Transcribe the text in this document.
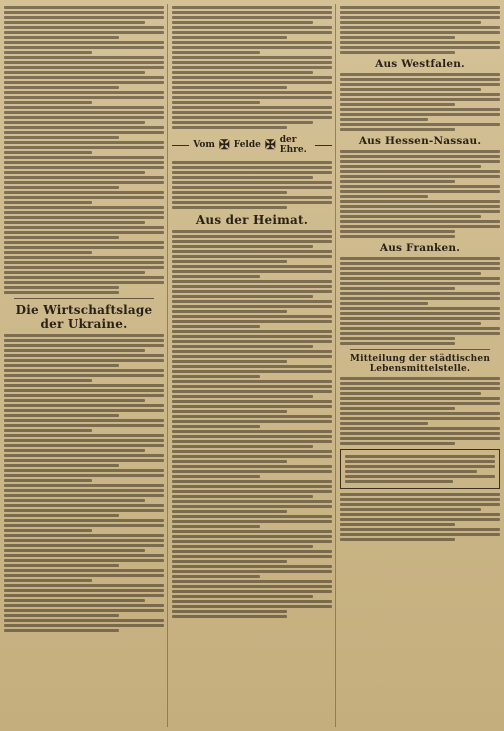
Die Wirtschaftslage der Ukraine.
Vom ✠ Felde ✠ der Ehre.
Aus der Heimat.
Aus Westfalen.
Aus Hessen-Nassau.
Aus Franken.
Mitteilung der städtischen Lebensmittelstelle.
